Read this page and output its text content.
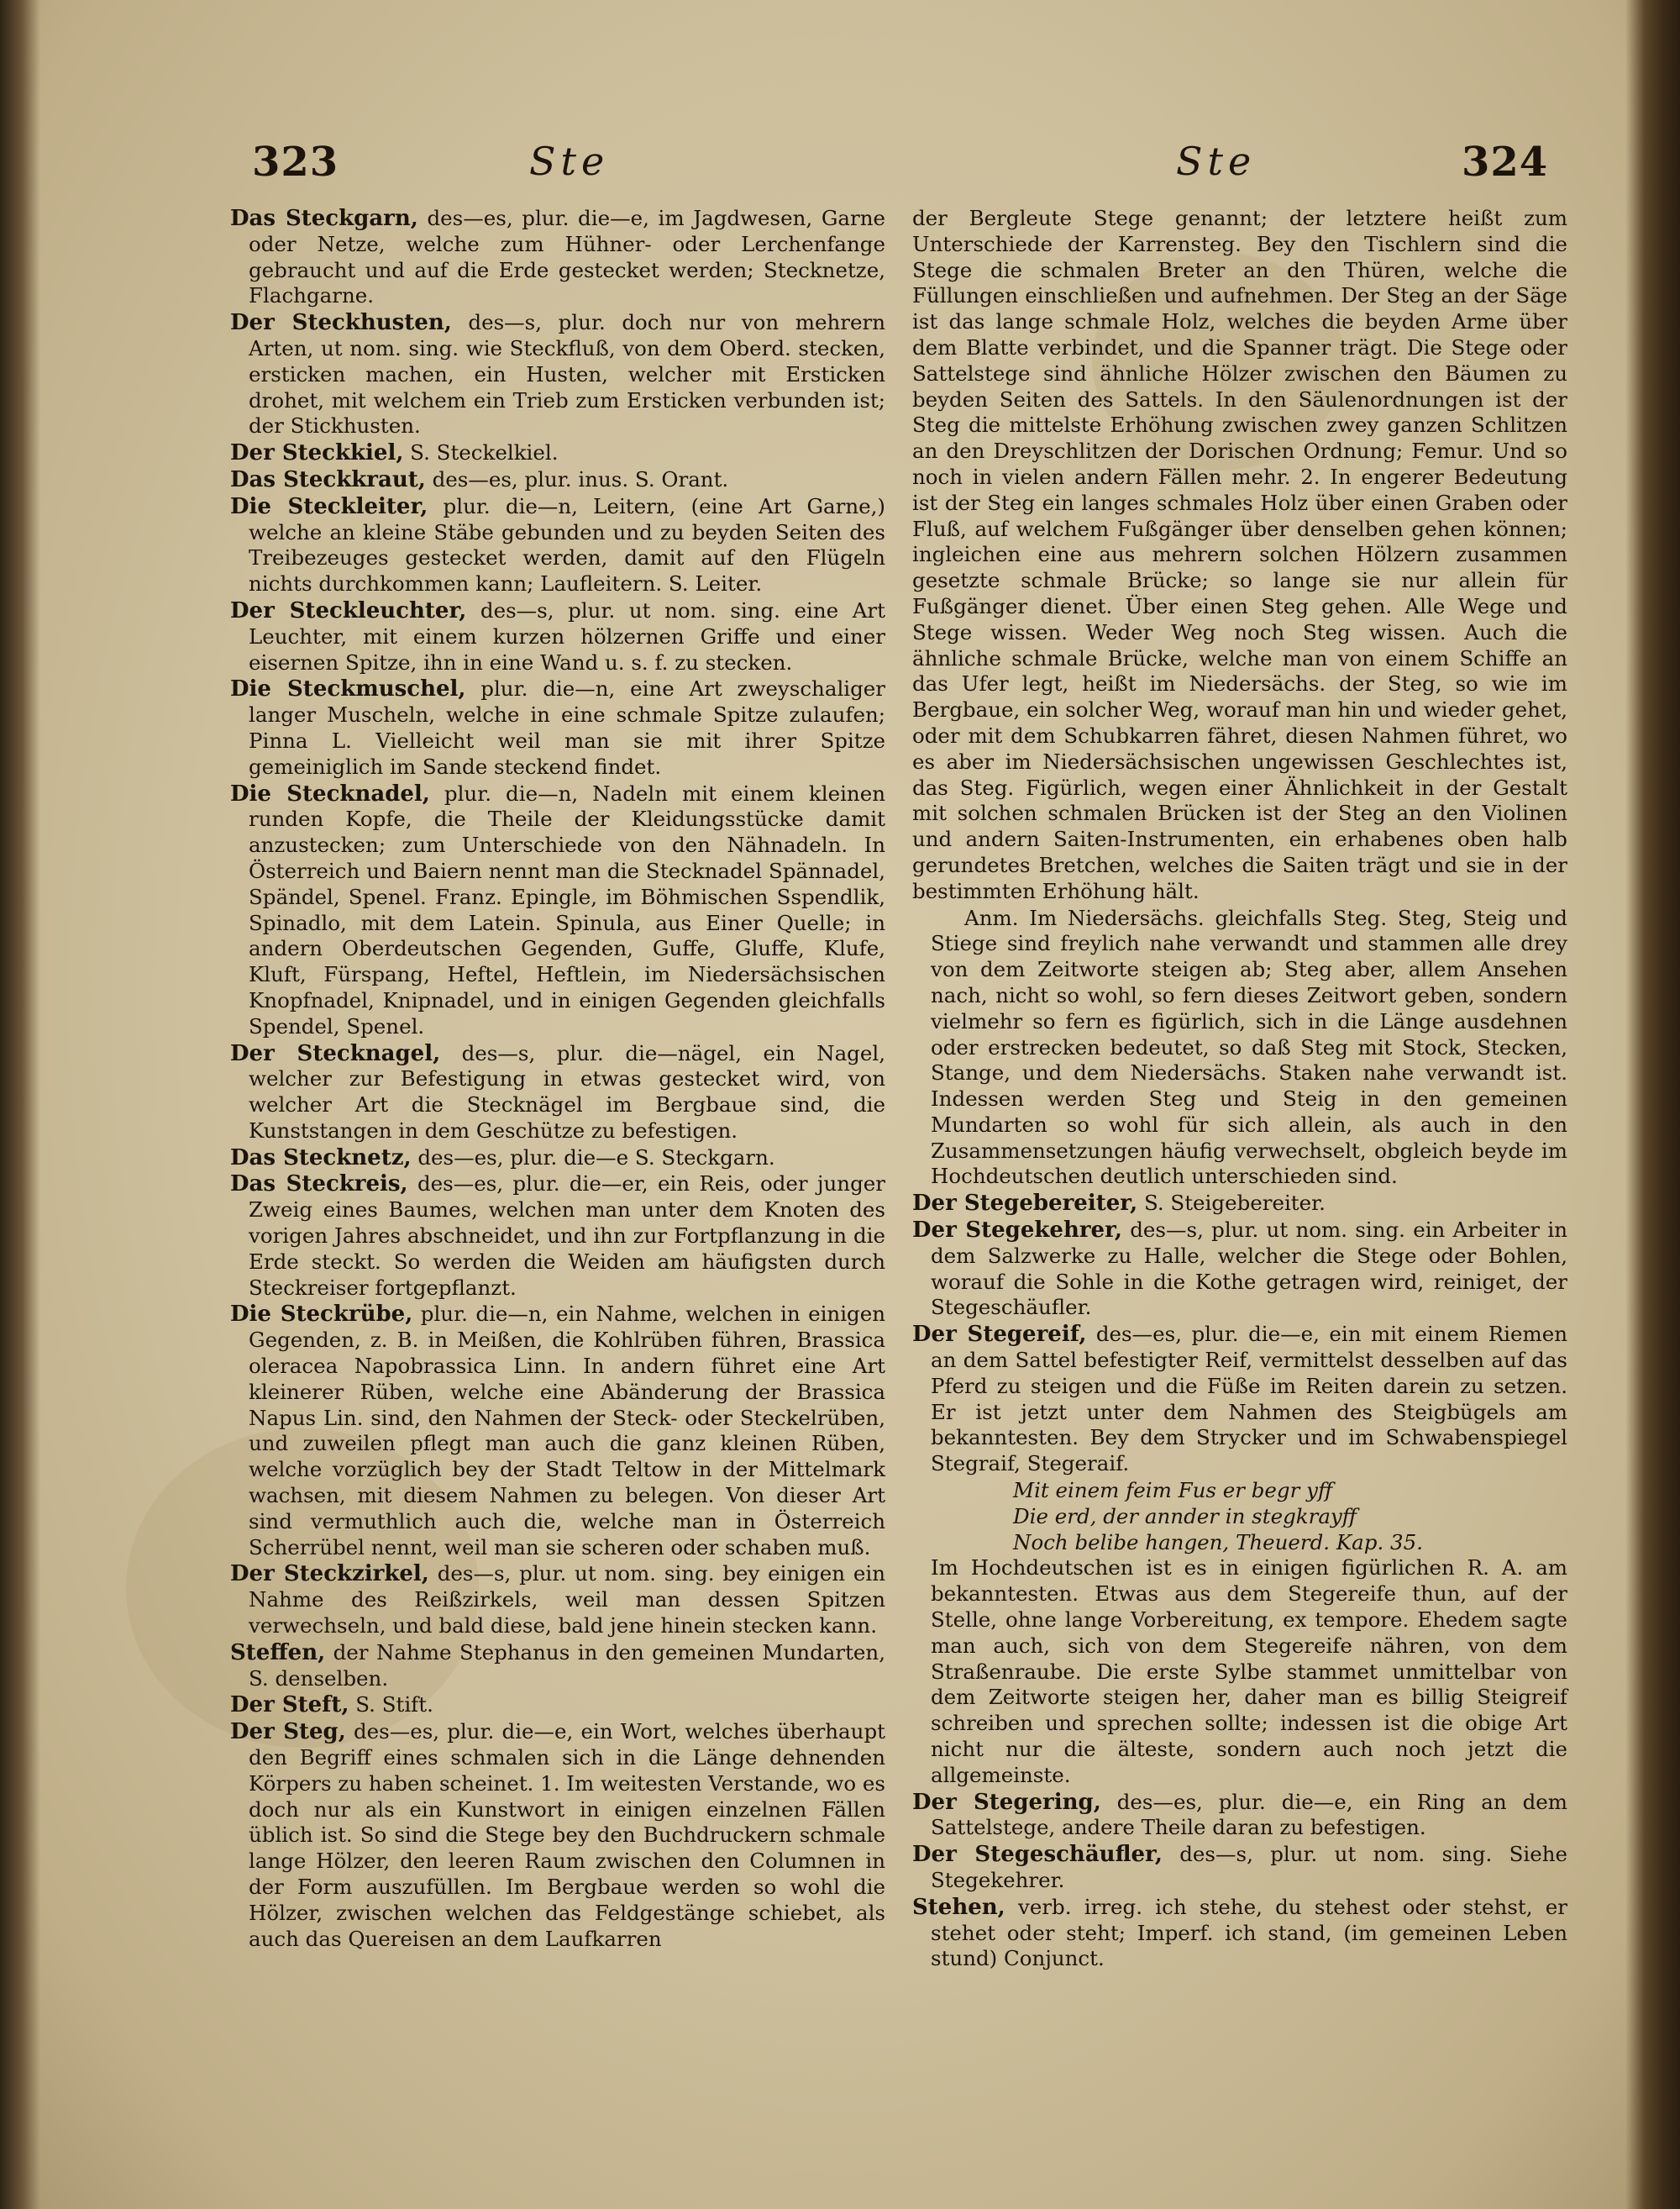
323	Ste	Ste	324

Das Steckgarn, des—es, plur. die—e, im Jagdwesen, Garne oder Netze, welche zum Hühner- oder Lerchenfange gebraucht und auf die Erde gestecket werden; Stecknetze, Flachgarne.

Der Steckhusten, des—s, plur. doch nur von mehrern Arten, ut nom. sing. wie Steckfluß, von dem Oberd. stecken, ersticken machen, ein Husten, welcher mit Ersticken drohet, mit welchem ein Trieb zum Ersticken verbunden ist; der Stickhusten.

Der Steckkiel, S. Steckelkiel.

Das Steckkraut, des—es, plur. inus. S. Orant.

Die Steckleiter, plur. die—n, Leitern, (eine Art Garne,) welche an kleine Stäbe gebunden und zu beyden Seiten des Treibezeuges gestecket werden, damit auf den Flügeln nichts durchkommen kann; Laufleitern. S. Leiter.

Der Steckleuchter, des—s, plur. ut nom. sing. eine Art Leuchter, mit einem kurzen hölzernen Griffe und einer eisernen Spitze, ihn in eine Wand u. s. f. zu stecken.

Die Steckmuschel, plur. die—n, eine Art zweyschaliger langer Muscheln, welche in eine schmale Spitze zulaufen; Pinna L. Vielleicht weil man sie mit ihrer Spitze gemeiniglich im Sande steckend findet.

Die Stecknadel, plur. die—n, Nadeln mit einem kleinen runden Kopfe, die Theile der Kleidungsstücke damit anzustecken; zum Unterschiede von den Nähnadeln. In Österreich und Baiern nennt man die Stecknadel Spännadel, Spändel, Spenel. Franz. Epingle, im Böhmischen Sspendlik, Spinadlo, mit dem Latein. Spinula, aus Einer Quelle; in andern Oberdeutschen Gegenden, Guffe, Gluffe, Klufe, Kluft, Fürspang, Heftel, Heftlein, im Niedersächsischen Knopfnadel, Knipnadel, und in einigen Gegenden gleichfalls Spendel, Spenel.

Der Stecknagel, des—s, plur. die—nägel, ein Nagel, welcher zur Befestigung in etwas gestecket wird, von welcher Art die Stecknägel im Bergbaue sind, die Kunststangen in dem Geschütze zu befestigen.

Das Stecknetz, des—es, plur. die—e S. Steckgarn.

Das Steckreis, des—es, plur. die—er, ein Reis, oder junger Zweig eines Baumes, welchen man unter dem Knoten des vorigen Jahres abschneidet, und ihn zur Fortpflanzung in die Erde steckt. So werden die Weiden am häufigsten durch Steckreiser fortgepflanzt.

Die Steckrübe, plur. die—n, ein Nahme, welchen in einigen Gegenden, z. B. in Meißen, die Kohlrüben führen, Brassica oleracea Napobrassica Linn. In andern führet eine Art kleinerer Rüben, welche eine Abänderung der Brassica Napus Lin. sind, den Nahmen der Steck- oder Steckelrüben, und zuweilen pflegt man auch die ganz kleinen Rüben, welche vorzüglich bey der Stadt Teltow in der Mittelmark wachsen, mit diesem Nahmen zu belegen. Von dieser Art sind vermuthlich auch die, welche man in Österreich Scherrübel nennt, weil man sie scheren oder schaben muß.

Der Steckzirkel, des—s, plur. ut nom. sing. bey einigen ein Nahme des Reißzirkels, weil man dessen Spitzen verwechseln, und bald diese, bald jene hinein stecken kann.

Steffen, der Nahme Stephanus in den gemeinen Mundarten, S. denselben.

Der Steft, S. Stift.

Der Steg, des—es, plur. die—e, ein Wort, welches überhaupt den Begriff eines schmalen sich in die Länge dehnenden Körpers zu haben scheinet. 1. Im weitesten Verstande, wo es doch nur als ein Kunstwort in einigen einzelnen Fällen üblich ist. So sind die Stege bey den Buchdruckern schmale lange Hölzer, den leeren Raum zwischen den Columnen in der Form auszufüllen. Im Bergbaue werden so wohl die Hölzer, zwischen welchen das Feldgestänge schiebet, als auch das Quereisen an dem Laufkarren

der Bergleute Stege genannt; der letztere heißt zum Unterschiede der Karrensteg. Bey den Tischlern sind die Stege die schmalen Breter an den Thüren, welche die Füllungen einschließen und aufnehmen. Der Steg an der Säge ist das lange schmale Holz, welches die beyden Arme über dem Blatte verbindet, und die Spanner trägt. Die Stege oder Sattelstege sind ähnliche Hölzer zwischen den Bäumen zu beyden Seiten des Sattels. In den Säulenordnungen ist der Steg die mittelste Erhöhung zwischen zwey ganzen Schlitzen an den Dreyschlitzen der Dorischen Ordnung; Femur. Und so noch in vielen andern Fällen mehr. 2. In engerer Bedeutung ist der Steg ein langes schmales Holz über einen Graben oder Fluß, auf welchem Fußgänger über denselben gehen können; ingleichen eine aus mehrern solchen Hölzern zusammen gesetzte schmale Brücke; so lange sie nur allein für Fußgänger dienet. Über einen Steg gehen. Alle Wege und Stege wissen. Weder Weg noch Steg wissen. Auch die ähnliche schmale Brücke, welche man von einem Schiffe an das Ufer legt, heißt im Niedersächs. der Steg, so wie im Bergbaue, ein solcher Weg, worauf man hin und wieder gehet, oder mit dem Schubkarren fähret, diesen Nahmen führet, wo es aber im Niedersächsischen ungewissen Geschlechtes ist, das Steg. Figürlich, wegen einer Ähnlichkeit in der Gestalt mit solchen schmalen Brücken ist der Steg an den Violinen und andern Saiten-Instrumenten, ein erhabenes oben halb gerundetes Bretchen, welches die Saiten trägt und sie in der bestimmten Erhöhung hält.

Anm. Im Niedersächs. gleichfalls Steg. Steg, Steig und Stiege sind freylich nahe verwandt und stammen alle drey von dem Zeitworte steigen ab; Steg aber, allem Ansehen nach, nicht so wohl, so fern dieses Zeitwort geben, sondern vielmehr so fern es figürlich, sich in die Länge ausdehnen oder erstrecken bedeutet, so daß Steg mit Stock, Stecken, Stange, und dem Niedersächs. Staken nahe verwandt ist. Indessen werden Steg und Steig in den gemeinen Mundarten so wohl für sich allein, als auch in den Zusammensetzungen häufig verwechselt, obgleich beyde im Hochdeutschen deutlich unterschieden sind.

Der Stegebereiter, S. Steigebereiter.

Der Stegekehrer, des—s, plur. ut nom. sing. ein Arbeiter in dem Salzwerke zu Halle, welcher die Stege oder Bohlen, worauf die Sohle in die Kothe getragen wird, reiniget, der Stegeschäufler.

Der Stegereif, des—es, plur. die—e, ein mit einem Riemen an dem Sattel befestigter Reif, vermittelst desselben auf das Pferd zu steigen und die Füße im Reiten darein zu setzen. Er ist jetzt unter dem Nahmen des Steigbügels am bekanntesten. Bey dem Strycker und im Schwabenspiegel Stegraif, Stegeraif.

Mit einem feim Fus er begr yff

Die erd, der annder in stegkrayff

Noch belibe hangen, Theuerd. Kap. 35.

Im Hochdeutschen ist es in einigen figürlichen R. A. am bekanntesten. Etwas aus dem Stegereife thun, auf der Stelle, ohne lange Vorbereitung, ex tempore. Ehedem sagte man auch, sich von dem Stegereife nähren, von dem Straßenraube. Die erste Sylbe stammet unmittelbar von dem Zeitworte steigen her, daher man es billig Steigreif schreiben und sprechen sollte; indessen ist die obige Art nicht nur die älteste, sondern auch noch jetzt die allgemeinste.

Der Stegering, des—es, plur. die—e, ein Ring an dem Sattelstege, andere Theile daran zu befestigen.

Der Stegeschäufler, des—s, plur. ut nom. sing. Siehe Stegekehrer.

Stehen, verb. irreg. ich stehe, du stehest oder stehst, er stehet oder steht; Imperf. ich stand, (im gemeinen Leben stund) Conjunct.
